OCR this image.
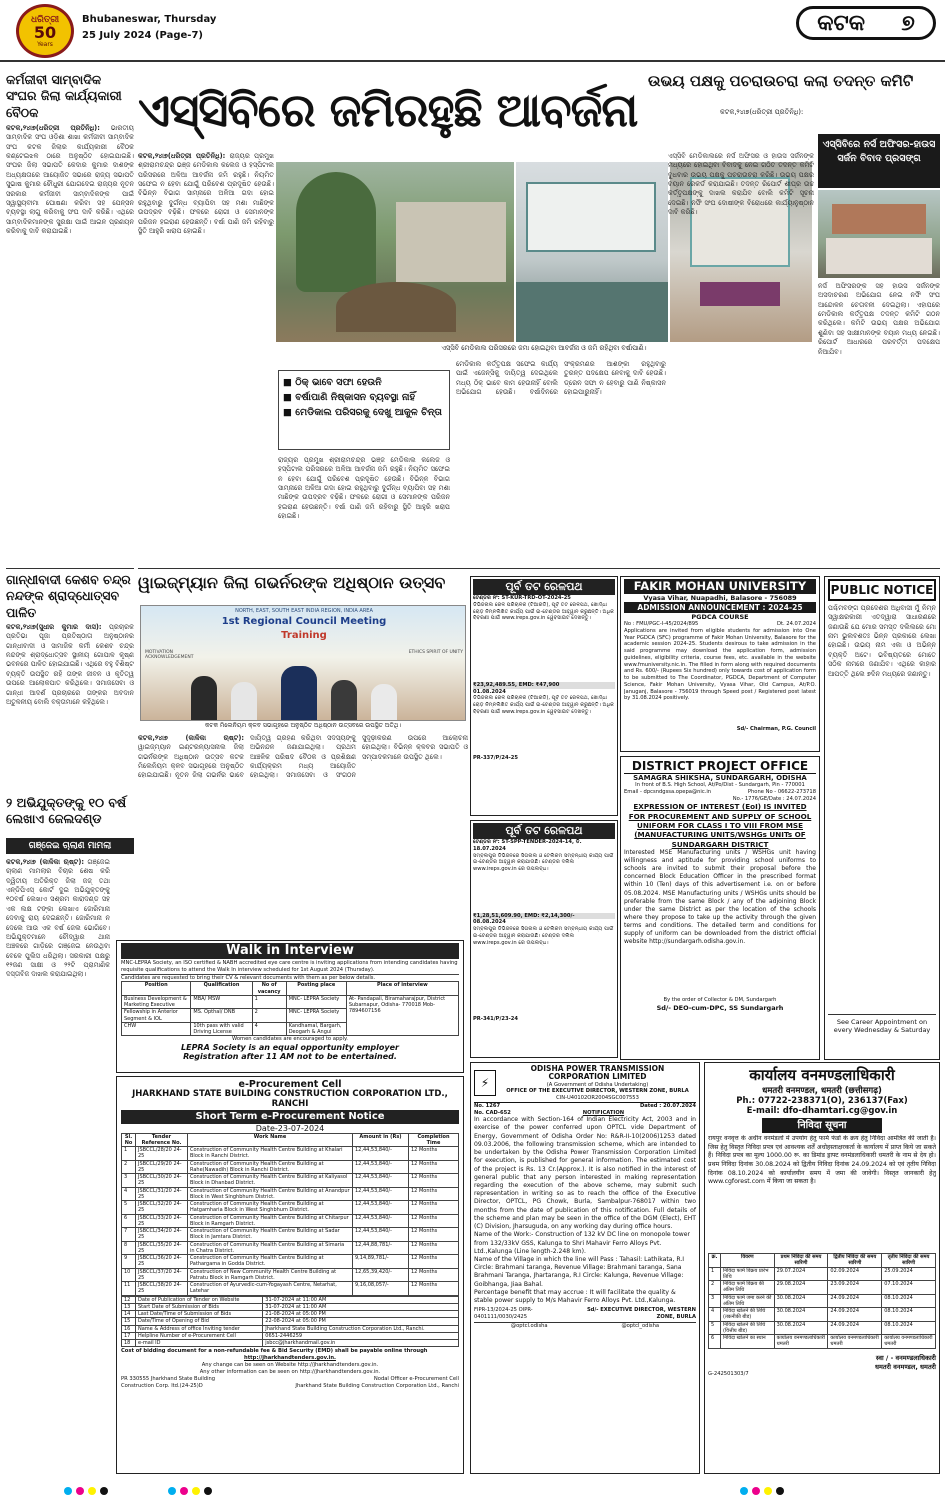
ଧରିତ୍ରୀ
50
Years
Bhubaneswar, Thursday
25 July 2024 (Page-7)	କଟକ ୭
କର୍ମଜୀବୀ ସାମ୍ବାଦିକ ସଂଘର ଜିଲା କାର୍ଯ୍ୟକାରୀ ବୈଠକ
କଟକ,୨୪ା୭(ଧରିତ୍ରୀ ପ୍ରତିନିଧି): ଭାରତୀୟ ସାମ୍ବାଦିକ ସଂଘ ଓଡ଼ିଶା ଶାଖା କର୍ମଜୀବୀ ସାମ୍ବାଦିକ ସଂଘ କଟକ ଜିଲାର କାର୍ଯ୍ୟକାରୀ ବୈଠକ କଣ୍ଟେଇଝଳ ଠାରେ ଅନୁଷ୍ଠିତ ହୋଇଯାଇଛି। ସଂଘର ଜିଲା ସଭାପତି କେଦାର କୁମାର ଦାଶଙ୍କ ଅଧ୍ୟକ୍ଷତାରେ ଆୟୋଜିତ ସଭାରେ ରାଜ୍ୟ ସଭାପତି ସୁଭାଷ କୁମାର ଚୌଧୁରୀ ଯୋଗଦେଇ ରାଜ୍ୟର ନୂତନ ସରକାର କର୍ମଜୀବୀ ସାମ୍ବାଦିକଙ୍କ ପାଇଁ ସ୍ୱାସ୍ଥ୍ୟବୀମା ଘୋଷଣା କରିବା ସହ ପେନ୍‌ସନ ବ୍ୟବସ୍ଥା ଲାଗୁ କରିବାକୁ ସଂଘ ଦାବି କରିଛି। ଏଥିରେ ସାମ୍ବାଦିକମାନଙ୍କ ସୁରକ୍ଷା ପାଇଁ ଆଇନ ପ୍ରଣୟନ କରିବାକୁ ଦାବି କରାଯାଇଛି।
ଗାନ୍ଧୀବାଦୀ କେଶବ ଚନ୍ଦ୍ର ନନ୍ଦଙ୍କ ଶ୍ରାଦ୍ଧୋତ୍ସବ ପାଳିତ
କଟକ,୨୪ା୭(ସୁଧୀର କୁମାର ଦାସ): ପ୍ରଚାରକ ପ୍ରତିଭା ପୂଜା ପ୍ରତିଷ୍ଠାତା ଅନୁଷ୍ଠାନର ଗାନ୍ଧୀବାଦୀ ଓ ସାମାଜିକ କର୍ମୀ କେଶବ ଚନ୍ଦ୍ର ନନ୍ଦଙ୍କ ଶ୍ରାଦ୍ଧୋତ୍ସବ ସ୍ଥାନୀୟ ଗୋପାଳ କୃଷ୍ଣ ଭବନରେ ପାଳିତ ହୋଇଯାଇଛି। ଏଥିରେ ବହୁ ବିଶିଷ୍ଟ ବ୍ୟକ୍ତି ଉପସ୍ଥିତ ରହି ତାଙ୍କ ଜୀବନ ଓ କୃତିତ୍ୱ ଉପରେ ଆଲୋକପାତ କରିଥିଲେ। ସମାଜସେବା ଓ ଗାନ୍ଧୀ ଆଦର୍ଶ ପ୍ରଚାରରେ ତାଙ୍କର ଅବଦାନ ଅତୁଳନୀୟ ବୋଲି ବକ୍ତାମାନେ କହିଥିଲେ।
୨ ଅଭିଯୁକ୍ତଙ୍କୁ ୧୦ ବର୍ଷ ଲେଖାଏ ଜେଲଦଣ୍ଡ
ଗଞ୍ଜେଇ ଚାଲାଣ ମାମଲା
କଟକ,୨୪ା୭ (କାଳିକା ଋଷ୍ଟ): ଗଞ୍ଜେଇ ଚାଲାଣ ମାମଲାର ବିଚାର ଶେଷ କରି ଦ୍ୱିତୀୟ ଅତିରିକ୍ତ ଜିଲା ଜଜ୍ ତଥା ଏନ୍‌ଡିପିଏସ୍ କୋର୍ଟ ଦୁଇ ଅଭିଯୁକ୍ତଙ୍କୁ ୧୦ବର୍ଷ ଲେଖାଏ ସଶ୍ରମ କାରାଦଣ୍ଡ ସହ ଏକ ଲକ୍ଷ ଟଙ୍କା ଲେଖାଏ ଜୋରିମାନା ଦେବାକୁ ରାୟ ଦେଇଛନ୍ତି। ଜୋରିମାନା ନ ଦେଲେ ଆଉ ଏକ ବର୍ଷ ଜେଲ ଭୋଗିବେ। ଅଭିଯୁକ୍ତମାନେ ଚୌଦ୍ୱାର ଥାନା ଅଞ୍ଚଳରେ ଗାଡ଼ିରେ ଗଞ୍ଜେଇ ନେଉଥିବା ବେଳେ ପୁଲିସ ଧରିଥିଲା। ସରକାରୀ ପକ୍ଷରୁ ୧୨ଜଣ ସାକ୍ଷୀ ଓ ୨୨ଟି ପ୍ରାମାଣିକ ଦସ୍ତାବିଜ ଦାଖଲ କରାଯାଇଥିଲା।
ଏସ୍‌ସିବିରେ ଜମିରହୁଛି ଆବର୍ଜନା
ଉଭୟ ପକ୍ଷକୁ ପଚରାଉଚରା କଲା ତଦନ୍ତ କମିଟି
କଟକ,୨୪ା୭(ଧରିତ୍ରୀ ପ୍ରତିନିଧି):
କଟକ,୨୪ା୭(ଧରିତ୍ରୀ ପ୍ରତିନିଧି): ରାଜ୍ୟର ପ୍ରମୁଖ ଶ୍ରୀରାମଚନ୍ଦ୍ର ଭଞ୍ଜ ମେଡିକାଲ କଲେଜ ଓ ହସ୍ପିଟାଲ ପରିସରରେ ଅଳିଆ ଆବର୍ଜନା ଜମି ରହୁଛି। ନିୟମିତ ସଫେଇ ନ ହେବା ଯୋଗୁଁ ପରିବେଶ ପ୍ରଦୂଷିତ ହେଉଛି। ବିଭିନ୍ନ ବିଭାଗ ସାମ୍ନାରେ ଅଳିଆ ଗଦା ହୋଇ ରହୁଥିବାରୁ ଦୁର୍ଗନ୍ଧ ବ୍ୟାପିବା ସହ ମଶା ମାଛିଙ୍କ ଉପଦ୍ରବ ବଢ଼ିଛି। ଫଳରେ ରୋଗୀ ଓ ସେମାନଙ୍କ ପରିଜନ ହଇରାଣ ହେଉଛନ୍ତି। ବର୍ଷା ପାଣି ଜମି ରହିବାରୁ ସ୍ଥିତି ଆହୁରି ଖରାପ ହୋଇଛି।
ଏସ୍‌ସିବି ମେଡିକାଲ ପରିସରରେ ଜମା ହୋଇଥିବା ଆବର୍ଜନା ଓ ଜମି ରହିଥିବା ବର୍ଷାପାଣି।
ଏସ୍‌ସିବି ମେଡିକାଲରେ ନର୍ସ ଅଫିସର ଓ ହାଉସ ସର୍ଜନଙ୍କ ମଧ୍ୟରେ ହୋଇଥିବା ବିବାଦକୁ ନେଇ ଗଠିତ ତଦନ୍ତ କମିଟି ବୁଧବାର ଉଭୟ ପକ୍ଷକୁ ପଚରାଉଚରା କରିଛି। ଉଭୟ ପକ୍ଷର ବୟାନ ରେକର୍ଡ କରାଯାଇଛି। ତଦନ୍ତ ରିପୋର୍ଟ ଶୀଘ୍ର ଉଚ୍ଚ କର୍ତ୍ତୃପକ୍ଷଙ୍କୁ ଦାଖଲ କରାଯିବ ବୋଲି କମିଟି ସୂଚନା ଦେଇଛି। ନର୍ସିଂ ସଂଘ ଦୋଷୀଙ୍କ ବିରୋଧରେ କାର୍ଯ୍ୟାନୁଷ୍ଠାନ ଦାବି କରିଛି।
ଏସ୍‌ସିବିରେ ନର୍ସ ଅଫିସର-ହାଉସ ସର୍ଜନ ବିବାଦ ପ୍ରସଙ୍ଗ
ନର୍ସ ଅଫିସରଙ୍କ ସହ ହାଉସ ସର୍ଜନଙ୍କ ଅସଦାଚରଣ ଅଭିଯୋଗ ନେଇ ନର୍ସିଂ ସଂଘ ଆନ୍ଦୋଳନ ଚେତାବନୀ ଦେଇଥିଲା। ଏହାପରେ ମେଡିକାଲ କର୍ତ୍ତୃପକ୍ଷ ତଦନ୍ତ କମିଟି ଗଠନ କରିଥିଲେ। କମିଟି ଉଭୟ ପକ୍ଷର ଅଭିଯୋଗ ଶୁଣିବା ସହ ସାକ୍ଷୀମାନଙ୍କ ବୟାନ ମଧ୍ୟ ନେଇଛି। ରିପୋର୍ଟ ଆଧାରରେ ପରବର୍ତ୍ତୀ ପଦକ୍ଷେପ ନିଆଯିବ।
ମେଡିକାଲ କର୍ତ୍ତୃପକ୍ଷ ସଫେଇ କାର୍ଯ୍ୟ ପାଇଁ ଏଜେନ୍ସିକୁ ଦାୟିତ୍ୱ ଦେଇଥିଲେ ମଧ୍ୟ ଠିକ୍ ଭାବେ କାମ ହେଉନାହିଁ ବୋଲି ଅଭିଯୋଗ ହେଉଛି। ବର୍ଷାଦିନରେ ସଂକ୍ରମଣର ଆଶଙ୍କା ରହୁଥିବାରୁ ତୁରନ୍ତ ପଦକ୍ଷେପ ନେବାକୁ ଦାବି ହେଉଛି। ଡ୍ରେନ ସଫା ନ ହେବାରୁ ପାଣି ନିଷ୍କାସନ ହୋଇପାରୁନାହିଁ।
■ ଠିକ୍ ଭାବେ ସଫା ହେଉନି
■ ବର୍ଷାପାଣି ନିଷ୍କାସନ ବ୍ୟବସ୍ଥା ନାହିଁ
■ ମେଡିକାଲ ପରିସରକୁ ଦେଖୁ ଆକୁଳ ଚିନ୍ତା
ରାଜ୍ୟର ପ୍ରମୁଖ ଶ୍ରୀରାମଚନ୍ଦ୍ର ଭଞ୍ଜ ମେଡିକାଲ କଲେଜ ଓ ହସ୍ପିଟାଲ ପରିସରରେ ଅଳିଆ ଆବର୍ଜନା ଜମି ରହୁଛି। ନିୟମିତ ସଫେଇ ନ ହେବା ଯୋଗୁଁ ପରିବେଶ ପ୍ରଦୂଷିତ ହେଉଛି। ବିଭିନ୍ନ ବିଭାଗ ସାମ୍ନାରେ ଅଳିଆ ଗଦା ହୋଇ ରହୁଥିବାରୁ ଦୁର୍ଗନ୍ଧ ବ୍ୟାପିବା ସହ ମଶା ମାଛିଙ୍କ ଉପଦ୍ରବ ବଢ଼ିଛି। ଫଳରେ ରୋଗୀ ଓ ସେମାନଙ୍କ ପରିଜନ ହଇରାଣ ହେଉଛନ୍ତି। ବର୍ଷା ପାଣି ଜମି ରହିବାରୁ ସ୍ଥିତି ଆହୁରି ଖରାପ ହୋଇଛି।
ୱାଇଜ୍‌ମ୍ୟାନ ଜିଲା ଗଭର୍ନରଙ୍କ ଅଧିଷ୍ଠାନ ଉତ୍ସବ
NORTH, EAST, SOUTH EAST INDIA REGION, INDIA AREA
1st Regional Council Meeting
Training
MOTIVATION ACKNOWLEDGEMENT
ETHICS SPIRIT OF UNITY
କଟକ ମିଲେନିୟମ କ୍ଳବ ସଭାଗୃହରେ ଅନୁଷ୍ଠିତ ଅଧିଷ୍ଠାନ ଉତ୍ସବରେ ଉପସ୍ଥିତ ଅତିଥି।
କଟକ,୨୪ା୭ (କାଳିକା ଋଷ୍ଟ): ୱାଇଜ୍‌ମ୍ୟାନ ଇଣ୍ଟରନ୍ୟାସନାଲ ଜିଲା ଗଭର୍ନରଙ୍କ ଅଧିଷ୍ଠାନ ଉତ୍ସବ କଟକ ମିଲେନିୟମ କ୍ଳବ ସଭାଗୃହରେ ଅନୁଷ୍ଠିତ ହୋଇଯାଇଛି। ନୂତନ ଜିଲା ଗଭର୍ନର ଭାବେ ଦାୟିତ୍ୱ ଗ୍ରହଣ କରିଥିବା ସଦସ୍ୟଙ୍କୁ ଅଭିନନ୍ଦନ ଜଣାଯାଇଥିଲା। ପ୍ରଥମ ଆଞ୍ଚଳିକ ପରିଷଦ ବୈଠକ ଓ ପ୍ରଶିକ୍ଷଣ କାର୍ଯ୍ୟକ୍ରମ ମଧ୍ୟ ଆୟୋଜିତ ହୋଇଥିଲା। ସମାଜସେବା ଓ ସଂଗଠନ ସୁଦୃଢ଼ୀକରଣ ଉପରେ ଆଲୋଚନା ହୋଇଥିଲା। ବିଭିନ୍ନ କ୍ଳବର ସଭାପତି ଓ ସମ୍ପାଦକମାନେ ଉପସ୍ଥିତ ଥିଲେ।
Walk in Interview
MNC-LEPRA Society, an ISO certified & NABH accredited eye care centre is inviting applications from intending candidates having requisite qualifications to attend the Walk In interview scheduled for 1st August 2024 (Thursday).
Candidates are requested to bring their CV & relevant documents with them as per below details.
Position	Qualification	No of vacancy	Posting place	Place of interview
Business Development & Marketing Executive	MBA/ MSW	1	MNC- LEPRA Society	At- Pandapali, Biramaharajpur, District Subarnapur, Odisha- 770018 Mob- 7894607156
Fellowship in Anterior Segment & IOL	MS. Opthal/ DNB	2	MNC- LEPRA Society	
CHW	10th pass with valid Driving License	4	Kandhamal, Bargarh, Deogarh & Angul	
Women candidates are encouraged to apply.
LEPRA Society is an equal opportunity employer
Registration after 11 AM not to be entertained.
e-Procurement Cell
JHARKHAND STATE BUILDING CONSTRUCTION CORPORATION LTD., RANCHI
Short Term e-Procurement Notice
Date-23-07-2024
Sl. No	Tender Reference No.	Work Name	Amount in (Rs)	Completion Time
1	JSBCCL/28/20 24-25	Construction of Community Health Centre Building at Khalari Block in Ranchi District.	12,44,53,840/-	12 Months
2	JSBCCL/29/20 24-25	Construction of Community Health Centre Building at Rahe(Nawadih) Block in Ranchi District.	12,44,53,840/-	12 Months
3	JSBCCL/30/20 24-25	Construction of Community Health Centre Building at Kaliyasol Block in Dhanbad District.	12,44,53,840/-	12 Months
4	JSBCCL/31/20 24-25	Construction of Community Health Centre Building at Anandpur Block in West Singhbhum District.	12,44,53,840/-	12 Months
5	JSBCCL/32/20 24-25	Construction of Community Health Centre Building at Hatgamharia Block in West Singhbhum District.	12,44,53,840/-	12 Months
6	JSBCCL/33/20 24-25	Construction of Community Health Centre Building at Chitarpur Block in Ramgarh District.	12,44,53,840/-	12 Months
7	JSBCCL/34/20 24-25	Construction of Community Health Centre Building at Sadar Block in Jamtara District.	12,44,53,840/-	12 Months
8	JSBCCL/35/20 24-25	Construction of Community Health Centre Building at Simaria in Chatra District.	12,44,88,781/-	12 Months
9	JSBCCL/36/20 24-25	Construction of Community Health Centre Building at Pathargama in Godda District.	9,14,89,781/-	12 Months
10	JSBCCL/37/20 24-25	Construction of New Community Health Centre Building at Patratu Block in Ramgarh District.	12,65,39,420/-	12 Months
11	JSBCCL/38/20 24-25	Construction of Ayurvedic-cum-Yogayash Centre, Netarhat, Latehar	9,16,08,057/-	12 Months
12	Date of Publication of Tender on Website	31-07-2024 at 11:00 AM
13	Start Date of Submission of Bids	31-07-2024 at 11:00 AM
14	Last Date/Time of Submission of Bids	21-08-2024 at 05:00 PM
15	Date/Time of Opening of Bid	22-08-2024 at 05:00 PM
16	Name & Address of office Inviting tender	Jharkhand State Building Construction Corporation Ltd., Ranchi.
17	Helpline Number of e-Procurement Cell	0651-2446259
18	e-mail ID	jsbcc@jharkhandmail.gov.in
Cost of bidding document for a non-refundable fee & Bid Security (EMD) shall be payable online through
http://jharkhandtenders.gov.in.
Any change can be seen on Website http://jharkhandtenders.gov.in.
Any other information can be seen on http://jharkhandtenders.gov.in.
PR 330555 Jharkhand State Building Construction Corp. ltd.(24-25)D
Nodal Officer e-Procurement Cell
Jharkhand State Building Construction Corporation Ltd., Ranchi
ପୂର୍ବ ତଟ ରେଳପଥ
ଟେଣ୍ଡର ନଂ: ST-KUR-TRD-OT-2024-25
ଡିଭିଜନାଲ ରେଳ ପରିଚାଳକ (ଟିଆରଡି), ପୂର୍ବ ତଟ ରେଳପଥ, ଖୋର୍ଦ୍ଧା ରୋଡ଼ ନିମ୍ନଲିଖିତ କାର୍ଯ୍ୟ ପାଇଁ ଇ-ଟେଣ୍ଡର ଆହ୍ୱାନ କରୁଛନ୍ତି। ଅଧିକ ବିବରଣୀ ପାଇଁ www.ireps.gov.in ୱେବସାଇଟ ଦେଖନ୍ତୁ।
₹23,92,489.55, EMD: ₹47,900
01.08.2024
ଡିଭିଜନାଲ ରେଳ ପରିଚାଳକ (ଟିଆରଡି), ପୂର୍ବ ତଟ ରେଳପଥ, ଖୋର୍ଦ୍ଧା ରୋଡ଼ ନିମ୍ନଲିଖିତ କାର୍ଯ୍ୟ ପାଇଁ ଇ-ଟେଣ୍ଡର ଆହ୍ୱାନ କରୁଛନ୍ତି। ଅଧିକ ବିବରଣୀ ପାଇଁ www.ireps.gov.in ୱେବସାଇଟ ଦେଖନ୍ତୁ।
PR-337/P/24-25
ପୂର୍ବ ତଟ ରେଳପଥ
ଟେଣ୍ଡର ନଂ: ST-SPP-TENDER-2024-14, ଡି. 18.07.2024
ସମ୍ବଲପୁର ଡିଭିଜନରେ ସିଗନାଲ ଓ ଟେଲିକମ ସମ୍ବନ୍ଧୀୟ କାର୍ଯ୍ୟ ପାଇଁ ଇ-ଟେଣ୍ଡର ଆହ୍ୱାନ କରାଯାଉଛି। ଟେଣ୍ଡର ଦଲିଲ www.ireps.gov.in ରେ ଉପଲବ୍ଧ।
₹1,28,51,609.90, EMD: ₹2,14,300/-
08.08.2024
ସମ୍ବଲପୁର ଡିଭିଜନରେ ସିଗନାଲ ଓ ଟେଲିକମ ସମ୍ବନ୍ଧୀୟ କାର୍ଯ୍ୟ ପାଇଁ ଇ-ଟେଣ୍ଡର ଆହ୍ୱାନ କରାଯାଉଛି। ଟେଣ୍ଡର ଦଲିଲ www.ireps.gov.in ରେ ଉପଲବ୍ଧ।
PR-341/P/23-24
FAKIR MOHAN UNIVERSITY
Vyasa Vihar, Nuapadhi, Balasore - 756089
ADMISSION ANNOUNCEMENT : 2024-25
PGDCA COURSE
No : FMU/PGC-I-45/2024/895	Dt. 24.07.2024
Applications are invited from eligible students for admission into One Year PGDCA (SFC) programme of Fakir Mohan University, Balasore for the academic session 2024-25. Students desirous to take admission in the said programme may download the application form, admission guidelines, eligibility criteria, course fees, etc. available in the website www.fmuniversity.nic.in. The filled in form along with required documents and Rs. 600/- (Rupees Six hundred) only towards cost of application form to be submitted to The Coordinator, PGDCA, Department of Computer Science, Fakir Mohan University, Vyasa Vihar, Old Campus, At/P.O. Januganj, Balasore - 756019 through Speed post / Registered post latest by 31.08.2024 positively.
Sd/- Chairman, P.G. Council
PUBLIC NOTICE
ପଶ୍ଚିମବଙ୍ଗ ପ୍ରଦେଶର ଅଧିବାସୀ ମୁଁ ନିମ୍ନ ସ୍ୱାକ୍ଷରକାରୀ ଏତଦ୍ୱାରା ସାଧାରଣରେ ଜଣାଉଛି ଯେ ମୋର ସମସ୍ତ ଦଲିଲରେ ମୋ ନାମ ଭୁଲବଶତଃ ଭିନ୍ନ ପ୍ରକାରେ ଲେଖା ହୋଇଛି। ଉଭୟ ନାମ ଏକା ଓ ଅଭିନ୍ନ ବ୍ୟକ୍ତି ଅଟେ। ଭବିଷ୍ୟତରେ ମୋତେ ସଠିକ ନାମରେ ଜଣାଯିବ। ଏଥିରେ କାହାର ଆପତ୍ତି ଥିଲେ ୭ଦିନ ମଧ୍ୟରେ ଜଣାନ୍ତୁ।
See Career Appointment on every Wednesday & Saturday
DISTRICT PROJECT OFFICE
SAMAGRA SHIKSHA, SUNDARGARH, ODISHA
In front of B.S. High School, At/Po/Dist - Sundargarh, Pin - 770001
Email - dpcsndgssa.opepa@nic.in	Phone No - 06622-273718
No.- 1776/GE/Date : 24.07.2024
EXPRESSION OF INTEREST (EoI) IS INVITED FOR PROCUREMENT AND SUPPLY OF SCHOOL UNIFORM FOR CLASS I TO VIII FROM MSE (MANUFACTURING UNITS/WSHGs UNITs OF SUNDARGARH DISTRICT
Interested MSE Manufacturing units / WSHGs unit having willingness and aptitude for providing school uniforms to schools are invited to submit their proposal before the concerned Block Education Officer in the prescribed format within 10 (Ten) days of this advertisement i.e. on or before 05.08.2024. MSE Manufacturing units / WSHGs units should be preferable from the same Block / any of the adjoining Block under the same District as per the location of the schools where they propose to take up the activity through the given terms and conditions. The detailed term and conditions for supply of uniform can be downloaded from the district official website http://sundargarh.odisha.gov.in.
By the order of Collector & DM, Sundargarh
Sd/- DEO-cum-DPC, SS Sundargarh
⚡
ODISHA POWER TRANSMISSION CORPORATION LIMITED
(A Government of Odisha Undertaking)
OFFICE OF THE EXECUTIVE DIRECTOR, WESTERN ZONE, BURLA
CIN-U40102OR2004SGC007553
No. 1267	Dated : 20.07.2024
No. CAD-652	NOTIFICATION
In accordance with Section-164 of Indian Electricity Act, 2003 and in exercise of the power conferred upon OPTCL vide Department of Energy, Government of Odisha Order No: R&R-II-10(2006)1253 dated 09.03.2006, the following transmission scheme, which are intended to be undertaken by the Odisha Power Transmission Corporation Limited for execution, is published for general information. The estimated cost of the project is Rs. 13 Cr.(Approx.). It is also notified in the interest of general public that any person interested in making representation regarding the execution of the above scheme, may submit such representation in writing so as to reach the office of the Executive Director, OPTCL, PG Chowk, Burla, Sambalpur-768017 within two months from the date of publication of this notification. Full details of the scheme and plan may be seen in the office of the DGM (Elect), EHT (C) Division, Jharsuguda, on any working day during office hours.
Name of the Work:- Construction of 132 kV DC line on monopole tower from 132/33kV GSS, Kalunga to Shri Mahavir Ferro Alloys Pvt. Ltd.,Kalunga (Line length-2.248 km).
Name of the Village in which the line will Pass : Tahasil: Lathikata, R.I Circle: Brahmani taranga, Revenue Village: Brahmani taranga, Sana Brahmani Taranga, Jhartaranga, R.I Circle: Kalunga, Revenue Village: Goibhanga, Jiaa Bahal.
Percentage benefit that may accrue : It will facilitate the quality & stable power supply to M/s Mahavir Ferro Alloys Pvt. Ltd.,Kalunga.
FIPR-13/2024-25 OIPR-0401111/0030/2425
Sd/- EXECUTIVE DIRECTOR, WESTERN ZONE, BURLA
@optcl.odisha	@optcl_odisha
कार्यालय वनमण्डलाधिकारी
धमतरी वनमण्डल, धमतरी (छत्तीसगढ़)
Ph.: 07722-238371(O), 236137(Fax)
E-mail: dfo-dhamtari.cg@gov.in
निविदा सूचना
रायपुर वनवृत्त के अधीन वनमंडलों में उपयोग हेतु फार्म फंडों के क्रय हेतु निविदा आमंत्रित की जाती है। जिस हेतु विस्तृत निविदा प्रपत्र एवं आवश्यक शर्तें अधोहस्ताक्षरकर्ता के कार्यालय में प्राप्त किये जा सकते हैं। निविदा प्रपत्र का मूल्य 1000.00 रू. का डिमांड ड्राफ्ट वनमंडलाधिकारी धमतरी के नाम से देय हो। प्रथम निविदा दिनांक 30.08.2024 को द्वितीय निविदा दिनांक 24.09.2024 को एवं तृतीय निविदा दिनांक 08.10.2024 को कार्यालयीन समय में जमा की जावेगी। विस्तृत जानकारी हेतु www.cgforest.com में किया जा सकता है।
क्र.	विवरण	प्रथम निविदा की समय सारिणी	द्वितीय निविदा की समय सारिणी	तृतीय निविदा की समय सारिणी
1	निविदा फार्म विक्रय प्रारंभ तिथि	29.07.2024	02.09.2024	25.09.2024
2	निविदा फार्म विक्रय की अंतिम तिथि	29.08.2024	23.09.2024	07.10.2024
3	निविदा फार्म जमा करने की अंतिम तिथि	30.08.2024	24.09.2024	08.10.2024
4	निविदा खोलने की तिथि (तकनीकी बीड)	30.08.2024	24.09.2024	08.10.2024
5	निविदा खोलने की तिथि (वित्तीय बीड)	30.08.2024	24.09.2024	08.10.2024
6	निविदा खोलने का स्थान	कार्यालय वनमण्डलाधिकारी धमतरी	कार्यालय वनमण्डलाधिकारी धमतरी	कार्यालय वनमण्डलाधिकारी धमतरी
स्वा / - वनमण्डलाधिकारी
धमतरी वनमण्डल, धमतरी
G-242501303/7
